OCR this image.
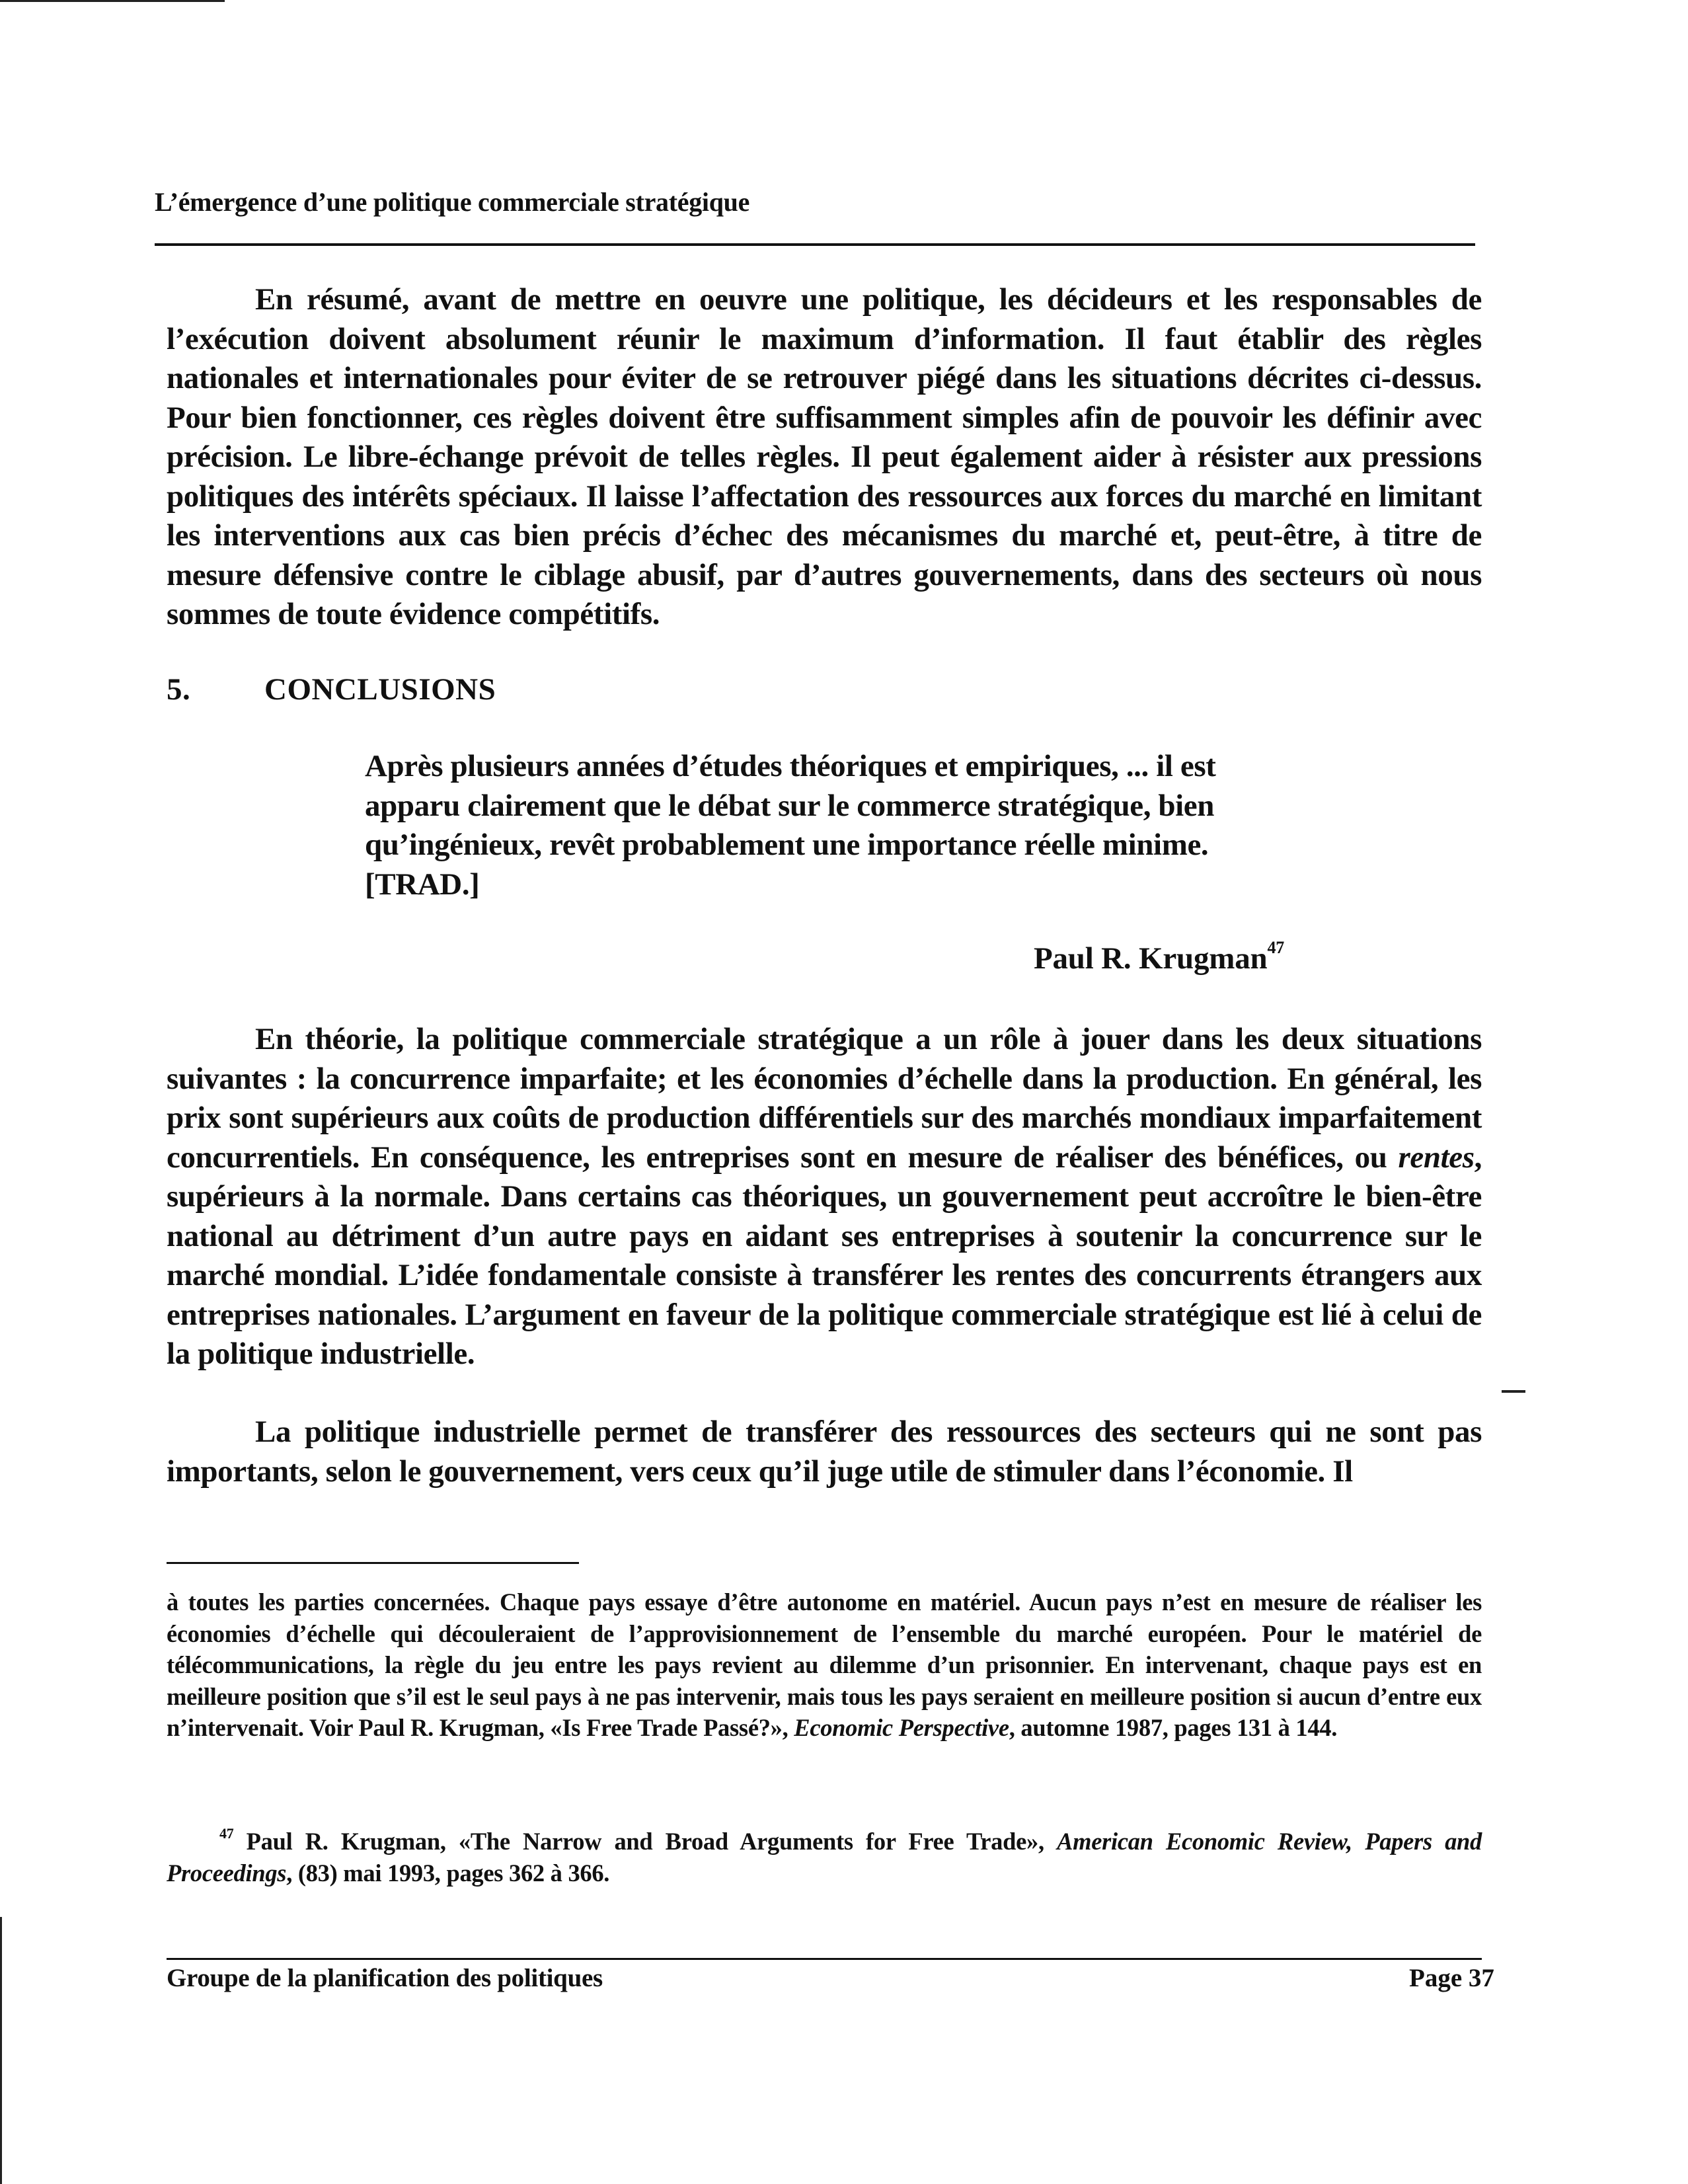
L’émergence d’une politique commerciale stratégique

En résumé, avant de mettre en oeuvre une politique, les décideurs et les responsables de l’exécution doivent absolument réunir le maximum d’information. Il faut établir des règles nationales et internationales pour éviter de se retrouver piégé dans les situations décrites ci-dessus. Pour bien fonctionner, ces règles doivent être suffisamment simples afin de pouvoir les définir avec précision. Le libre-échange prévoit de telles règles. Il peut également aider à résister aux pressions politiques des intérêts spéciaux. Il laisse l’affectation des ressources aux forces du marché en limitant les interventions aux cas bien précis d’échec des mécanismes du marché et, peut-être, à titre de mesure défensive contre le ciblage abusif, par d’autres gouvernements, dans des secteurs où nous sommes de toute évidence compétitifs.

5. CONCLUSIONS
Après plusieurs années d’études théoriques et empiriques, ... il est apparu clairement que le débat sur le commerce stratégique, bien qu’ingénieux, revêt probablement une importance réelle minime. [TRAD.]
Paul R. Krugman$^{47}$

En théorie, la politique commerciale stratégique a un rôle à jouer dans les deux situations suivantes : la concurrence imparfaite; et les économies d’échelle dans la production. En général, les prix sont supérieurs aux coûts de production différentiels sur des marchés mondiaux imparfaitement concurrentiels. En conséquence, les entreprises sont en mesure de réaliser des bénéfices, ou rentes, supérieurs à la normale. Dans certains cas théoriques, un gouvernement peut accroître le bien-être national au détriment d’un autre pays en aidant ses entreprises à soutenir la concurrence sur le marché mondial. L’idée fondamentale consiste à transférer les rentes des concurrents étrangers aux entreprises nationales. L’argument en faveur de la politique commerciale stratégique est lié à celui de la politique industrielle.

La politique industrielle permet de transférer des ressources des secteurs qui ne sont pas importants, selon le gouvernement, vers ceux qu’il juge utile de stimuler dans l’économie. Il

à toutes les parties concernées. Chaque pays essaye d’être autonome en matériel. Aucun pays n’est en mesure de réaliser les économies d’échelle qui découleraient de l’approvisionnement de l’ensemble du marché européen. Pour le matériel de télécommunications, la règle du jeu entre les pays revient au dilemme d’un prisonnier. En intervenant, chaque pays est en meilleure position que s’il est le seul pays à ne pas intervenir, mais tous les pays seraient en meilleure position si aucun d’entre eux n’intervenait. Voir Paul R. Krugman, «Is Free Trade Passé?», Economic Perspective, automne 1987, pages 131 à 144.

$^{47}$ Paul R. Krugman, «The Narrow and Broad Arguments for Free Trade», American Economic Review, Papers and Proceedings, (83) mai 1993, pages 362 à 366.

Groupe de la planification des politiques	Page 37
